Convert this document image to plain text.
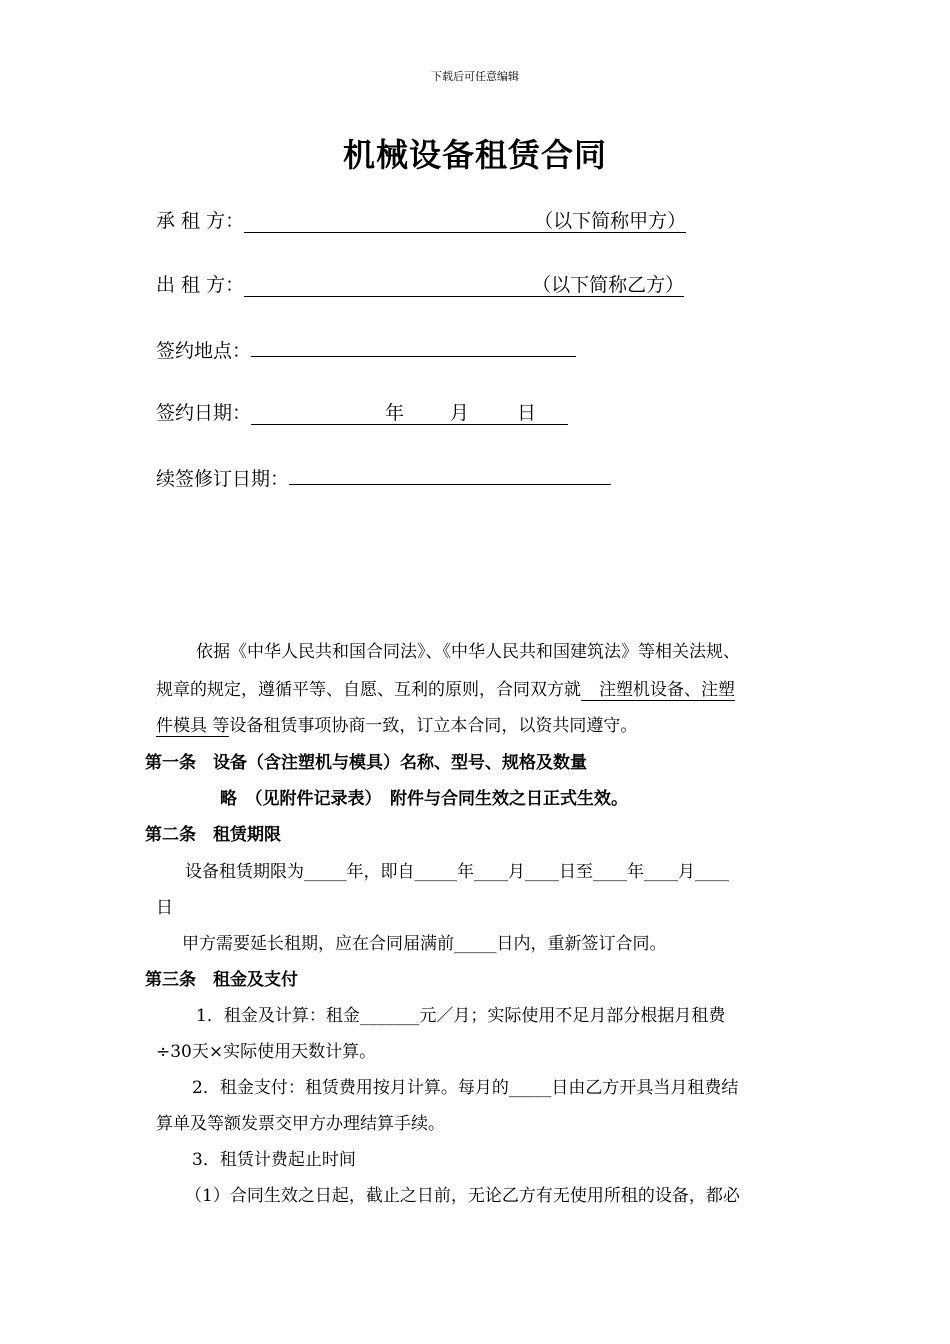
下载后可任意编辑
机械设备租赁合同
承 租 方：	（以下简称甲方）
出 租 方：	（以下简称乙方）
签约地点：
签约日期：	年 月	日
续签修订日期：
依据《中华人民共和国合同法》、《中华人民共和国建筑法》等相关法规、
规章的规定，遵循平等、自愿、互利的原则，合同双方就 注塑机设备、注塑
件模具 等设备租赁事项协商一致，订立本合同，以资共同遵守。
第一条　设备（含注塑机与模具）名称、型号、规格及数量
略　（见附件记录表）　附件与合同生效之日正式生效。
第二条　租赁期限
设备租赁期限为_____年，即自_____年____月____日至____年____月____
日
甲方需要延长租期，应在合同届满前_____日内，重新签订合同。
第三条　租金及支付
1．租金及计算：租金_______元／月；实际使用不足月部分根据月租费
÷30天×实际使用天数计算。
2．租金支付：租赁费用按月计算。每月的_____日由乙方开具当月租费结
算单及等额发票交甲方办理结算手续。
3．租赁计费起止时间
（1）合同生效之日起，截止之日前，无论乙方有无使用所租的设备，都必
